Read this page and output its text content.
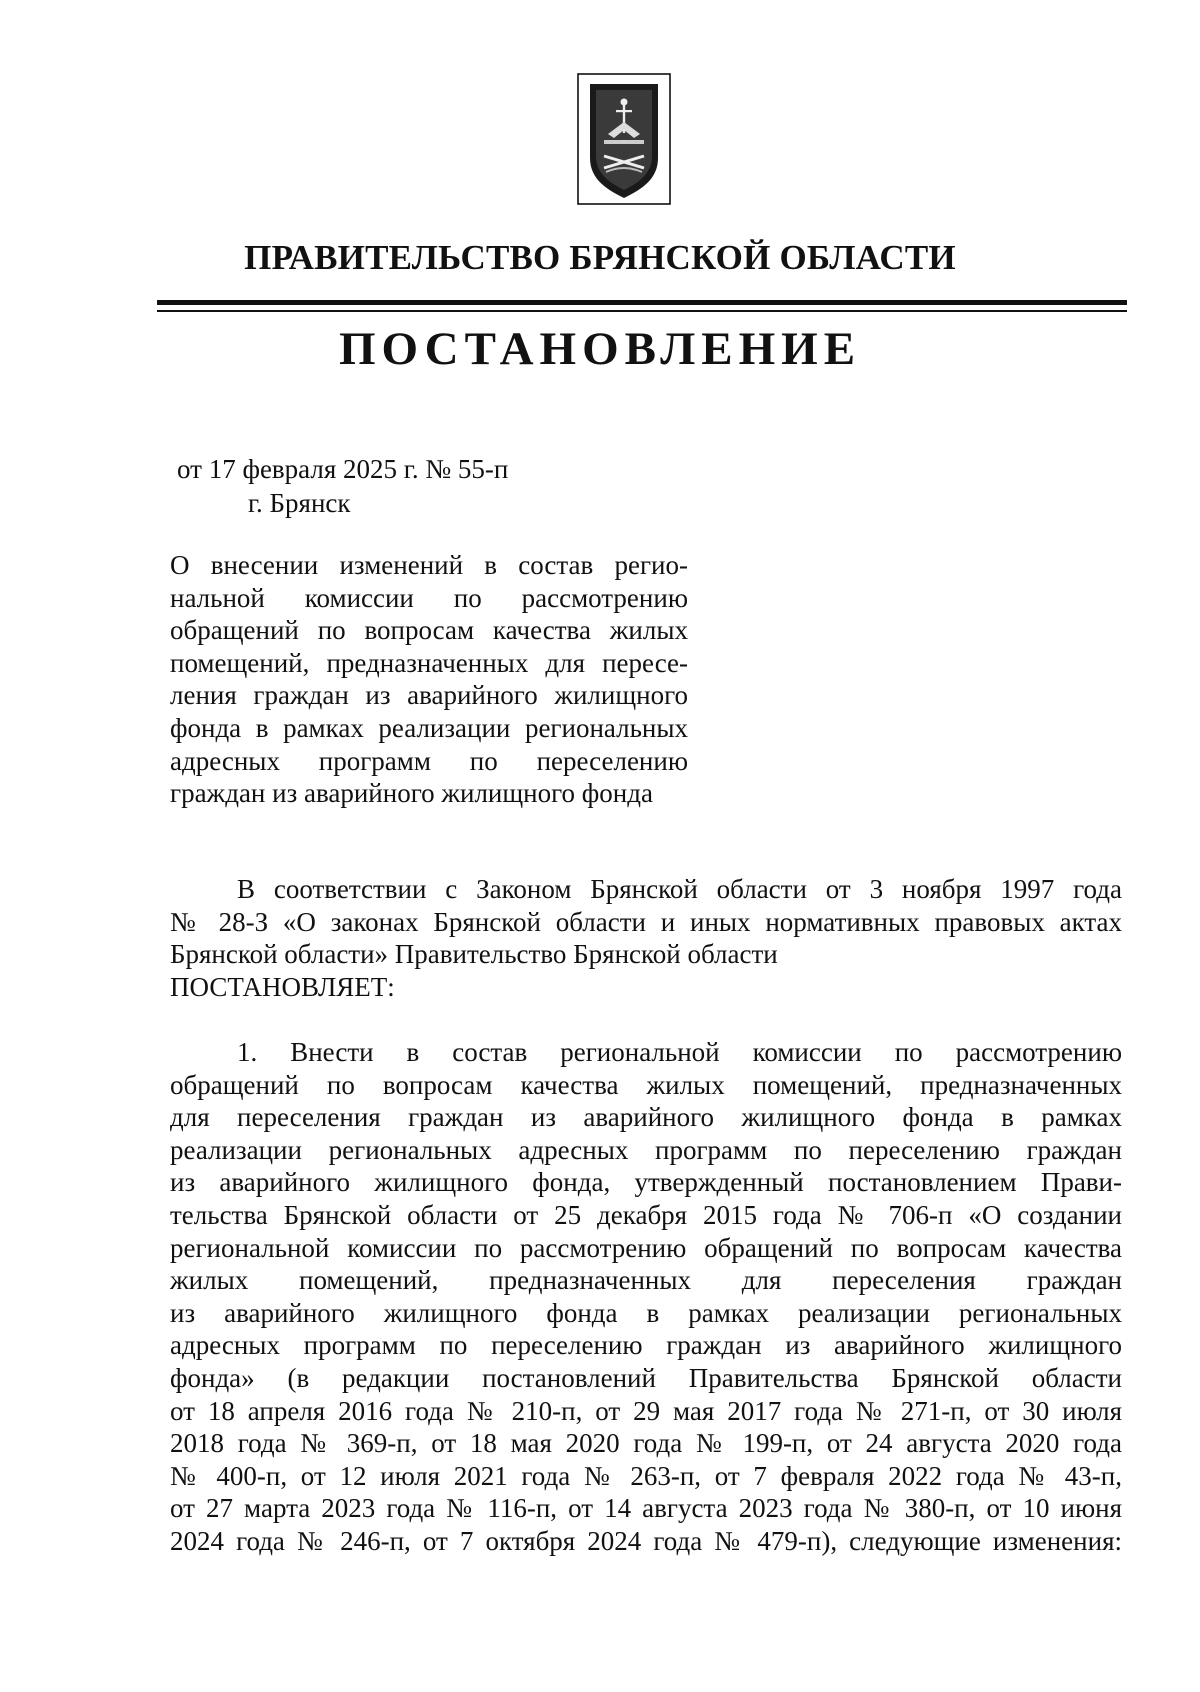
ПРАВИТЕЛЬСТВО БРЯНСКОЙ ОБЛАСТИ
ПОСТАНОВЛЕНИЕ
от 17 февраля 2025 г. № 55-п
г. Брянск
О внесении изменений в состав регио-
нальной комиссии по рассмотрению
обращений по вопросам качества жилых
помещений, предназначенных для пересе-
ления граждан из аварийного жилищного
фонда в рамках реализации региональных
адресных программ по переселению
граждан из аварийного жилищного фонда
В соответствии с Законом Брянской области от 3 ноября 1997 года
№ 28-З «О законах Брянской области и иных нормативных правовых актах
Брянской области» Правительство Брянской области
ПОСТАНОВЛЯЕТ:
1. Внести в состав региональной комиссии по рассмотрению
обращений по вопросам качества жилых помещений, предназначенных
для переселения граждан из аварийного жилищного фонда в рамках
реализации региональных адресных программ по переселению граждан
из аварийного жилищного фонда, утвержденный постановлением Прави-
тельства Брянской области от 25 декабря 2015 года № 706-п «О создании
региональной комиссии по рассмотрению обращений по вопросам качества
жилых помещений, предназначенных для переселения граждан
из аварийного жилищного фонда в рамках реализации региональных
адресных программ по переселению граждан из аварийного жилищного
фонда» (в редакции постановлений Правительства Брянской области
от 18 апреля 2016 года № 210-п, от 29 мая 2017 года № 271-п, от 30 июля
2018 года № 369-п, от 18 мая 2020 года № 199-п, от 24 августа 2020 года
№ 400-п, от 12 июля 2021 года № 263-п, от 7 февраля 2022 года № 43-п,
от 27 марта 2023 года № 116-п, от 14 августа 2023 года № 380-п, от 10 июня
2024 года № 246-п, от 7 октября 2024 года № 479-п), следующие изменения:
